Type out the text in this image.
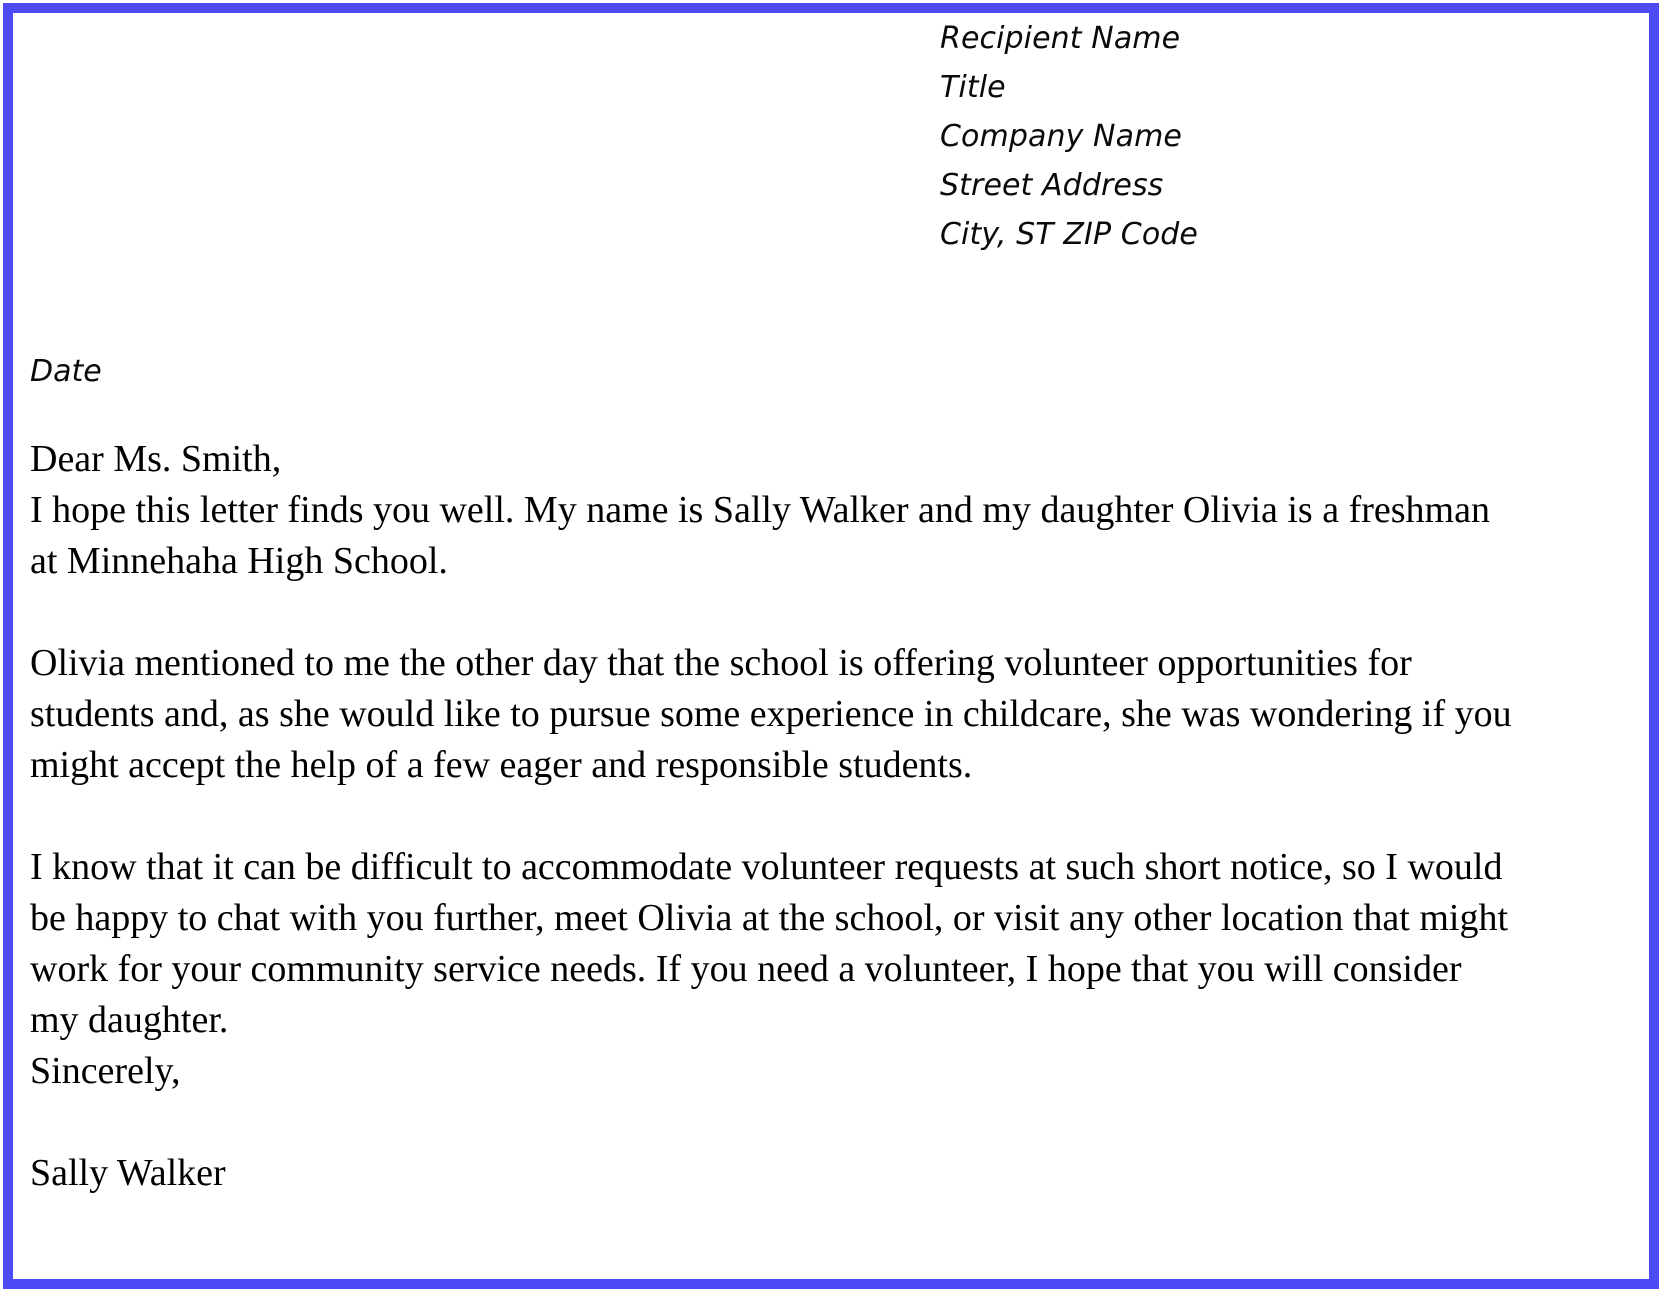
Recipient Name
Title
Company Name
Street Address
City, ST ZIP Code
Date
Dear Ms. Smith,
I hope this letter finds you well. My name is Sally Walker and my daughter Olivia is a freshman
at Minnehaha High School.
Olivia mentioned to me the other day that the school is offering volunteer opportunities for
students and, as she would like to pursue some experience in childcare, she was wondering if you
might accept the help of a few eager and responsible students.
I know that it can be difficult to accommodate volunteer requests at such short notice, so I would
be happy to chat with you further, meet Olivia at the school, or visit any other location that might
work for your community service needs. If you need a volunteer, I hope that you will consider
my daughter.
Sincerely,
Sally Walker
